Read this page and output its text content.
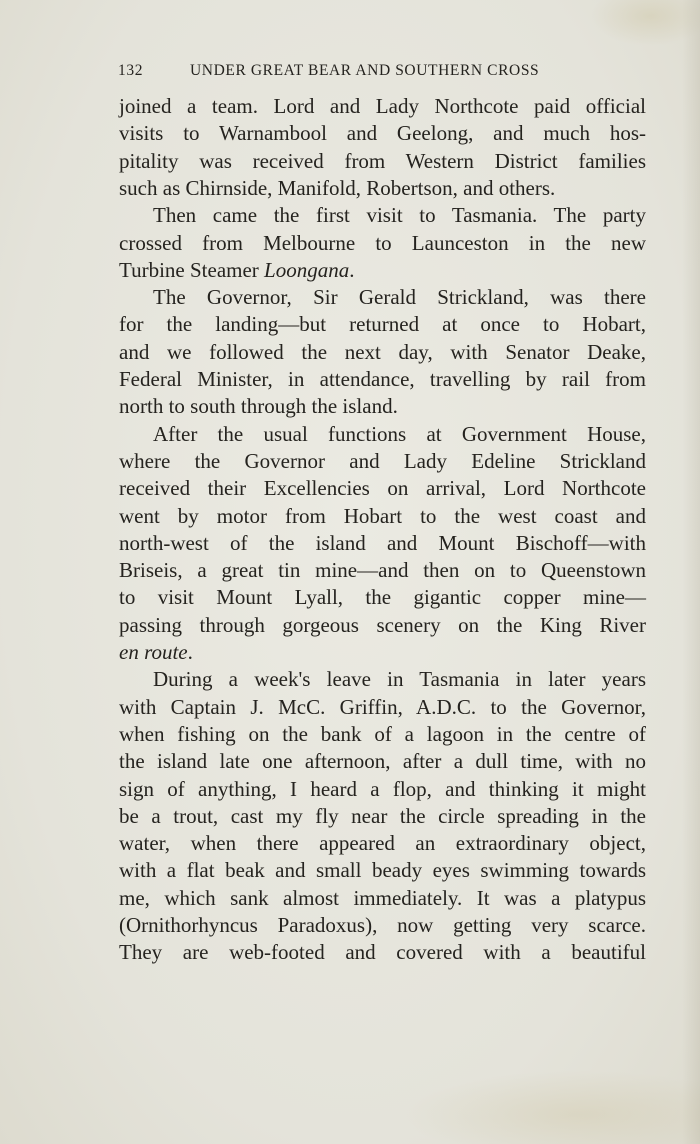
132	UNDER GREAT BEAR AND SOUTHERN CROSS
joined a team. Lord and Lady Northcote paid official
visits to Warnambool and Geelong, and much hos-
pitality was received from Western District families
such as Chirnside, Manifold, Robertson, and others.
Then came the first visit to Tasmania. The party
crossed from Melbourne to Launceston in the new
Turbine Steamer Loongana.
The Governor, Sir Gerald Strickland, was there
for the landing—but returned at once to Hobart,
and we followed the next day, with Senator Deake,
Federal Minister, in attendance, travelling by rail from
north to south through the island.
After the usual functions at Government House,
where the Governor and Lady Edeline Strickland
received their Excellencies on arrival, Lord Northcote
went by motor from Hobart to the west coast and
north-west of the island and Mount Bischoff—with
Briseis, a great tin mine—and then on to Queenstown
to visit Mount Lyall, the gigantic copper mine—
passing through gorgeous scenery on the King River
en route.
During a week's leave in Tasmania in later years
with Captain J. McC. Griffin, A.D.C. to the Governor,
when fishing on the bank of a lagoon in the centre of
the island late one afternoon, after a dull time, with no
sign of anything, I heard a flop, and thinking it might
be a trout, cast my fly near the circle spreading in the
water, when there appeared an extraordinary object,
with a flat beak and small beady eyes swimming towards
me, which sank almost immediately. It was a platypus
(Ornithorhyncus Paradoxus), now getting very scarce.
They are web-footed and covered with a beautiful
